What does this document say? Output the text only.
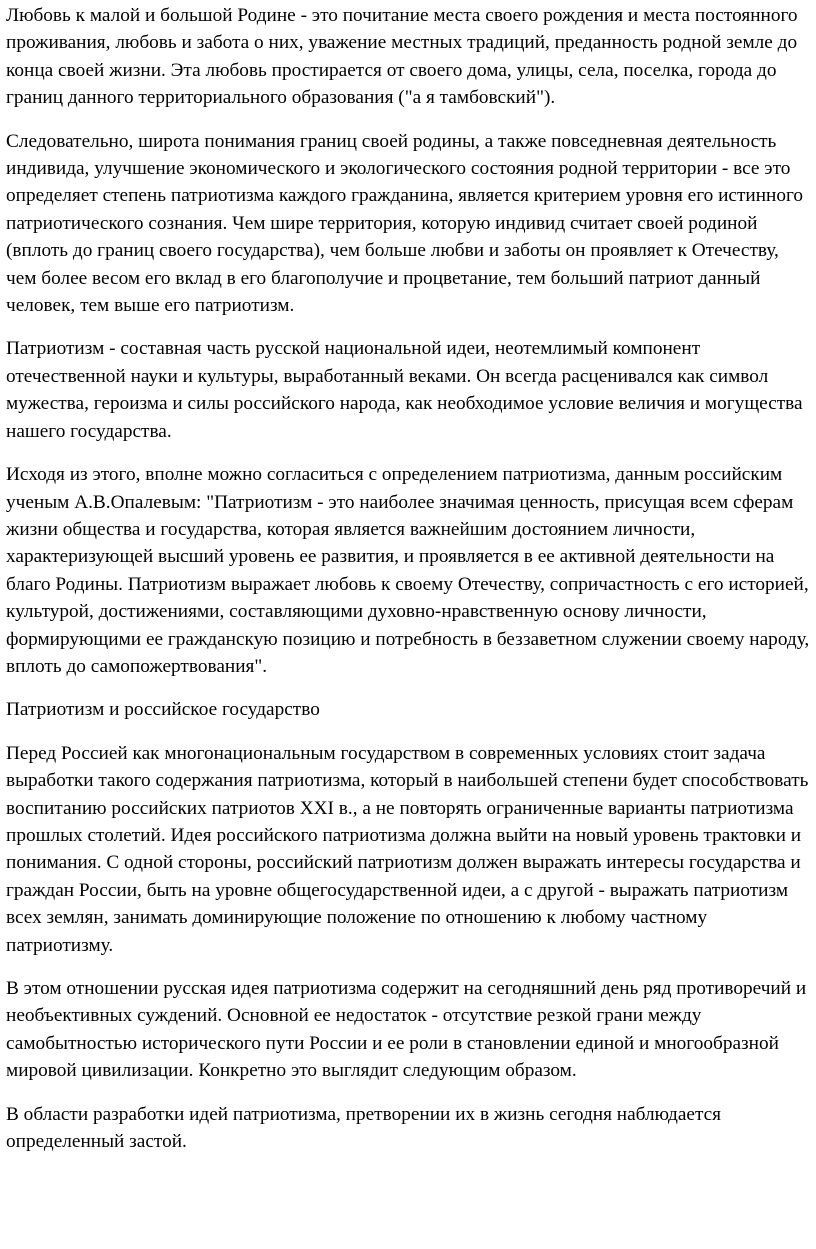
Любовь к малой и большой Родине - это почитание места своего рождения и места постоянного проживания, любовь и забота о них, уважение местных традиций, преданность родной земле до конца своей жизни. Эта любовь простирается от своего дома, улицы, села, поселка, города до границ данного территориального образования ("а я тамбовский").

Следовательно, широта понимания границ своей родины, а также повседневная деятельность индивида, улучшение экономического и экологического состояния родной территории - все это определяет степень патриотизма каждого гражданина, является критерием уровня его истинного патриотического сознания. Чем шире территория, которую индивид считает своей родиной (вплоть до границ своего государства), чем больше любви и заботы он проявляет к Отечеству, чем более весом его вклад в его благополучие и процветание, тем больший патриот данный человек, тем выше его патриотизм.

Патриотизм - составная часть русской национальной идеи, неотемлимый компонент отечественной науки и культуры, выработанный веками. Он всегда расценивался как символ мужества, героизма и силы российского народа, как необходимое условие величия и могущества нашего государства.

Исходя из этого, вполне можно согласиться с определением патриотизма, данным российским ученым А.В.Опалевым: "Патриотизм - это наиболее значимая ценность, присущая всем сферам жизни общества и государства, которая является важнейшим достоянием личности, характеризующей высший уровень ее развития, и проявляется в ее активной деятельности на благо Родины. Патриотизм выражает любовь к своему Отечеству, сопричастность с его историей, культурой, достижениями, составляющими духовно-нравственную основу личности, формирующими ее гражданскую позицию и потребность в беззаветном служении своему народу, вплоть до самопожертвования".

Патриотизм и российское государство

Перед Россией как многонациональным государством в современных условиях стоит задача выработки такого содержания патриотизма, который в наибольшей степени будет способствовать воспитанию российских патриотов XXI в., а не повторять ограниченные варианты патриотизма прошлых столетий. Идея российского патриотизма должна выйти на новый уровень трактовки и понимания. С одной стороны, российский патриотизм должен выражать интересы государства и граждан России, быть на уровне общегосударственной идеи, а с другой - выражать патриотизм всех землян, занимать доминирующие положение по отношению к любому частному патриотизму.

В этом отношении русская идея патриотизма содержит на сегодняшний день ряд противоречий и необъективных суждений. Основной ее недостаток - отсутствие резкой грани между самобытностью исторического пути России и ее роли в становлении единой и многообразной мировой цивилизации. Конкретно это выглядит следующим образом.

В области разработки идей патриотизма, претворении их в жизнь сегодня наблюдается определенный застой.
